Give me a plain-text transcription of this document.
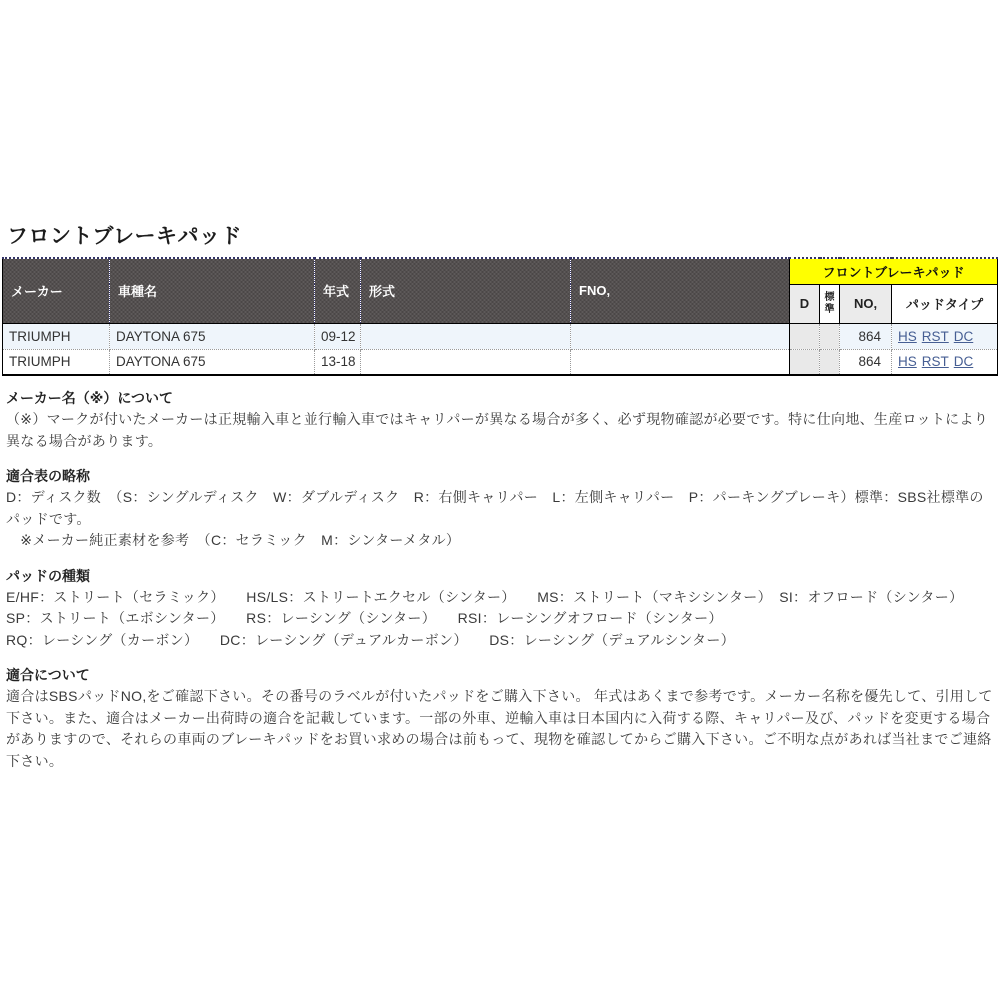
フロントブレーキパッド
メーカー	車種名	年式	形式	FNO,	フロントブレーキパッド			
					D	標準	NO,	パッドタイプ
TRIUMPH	DAYTONA 675	09-12					864	HS RST DC
TRIUMPH	DAYTONA 675	13-18					864	HS RST DC
メーカー名（※）について
（※）マークが付いたメーカーは正規輸入車と並行輸入車ではキャリパーが異なる場合が多く、必ず現物確認が必要です。特に仕向地、生産ロットにより異なる場合があります。
適合表の略称
D：ディスク数　（S：シングルディスク　W：ダブルディスク　R：右側キャリパー　L：左側キャリパー　P：パーキングブレーキ）標準：SBS社標準のパッドです。
　※メーカー純正素材を参考　（C：セラミック　M：シンターメタル）
パッドの種類
E/HF：ストリート（セラミック）　　HS/LS：ストリートエクセル（シンター）　　MS：ストリート（マキシシンター）　SI：オフロード（シンター）
SP：ストリート（エボシンター）　　RS：レーシング（シンター）　　RSI：レーシングオフロード（シンター）
RQ：レーシング（カーボン）　　DC：レーシング（デュアルカーボン）　　DS：レーシング（デュアルシンター）
適合について
適合はSBSパッドNO,をご確認下さい。その番号のラベルが付いたパッドをご購入下さい。 年式はあくまで参考です。メーカー名称を優先して、引用して下さい。また、適合はメーカー出荷時の適合を記載しています。一部の外車、逆輸入車は日本国内に入荷する際、キャリパー及び、パッドを変更する場合がありますので、それらの車両のブレーキパッドをお買い求めの場合は前もって、現物を確認してからご購入下さい。ご不明な点があれば当社までご連絡下さい。
